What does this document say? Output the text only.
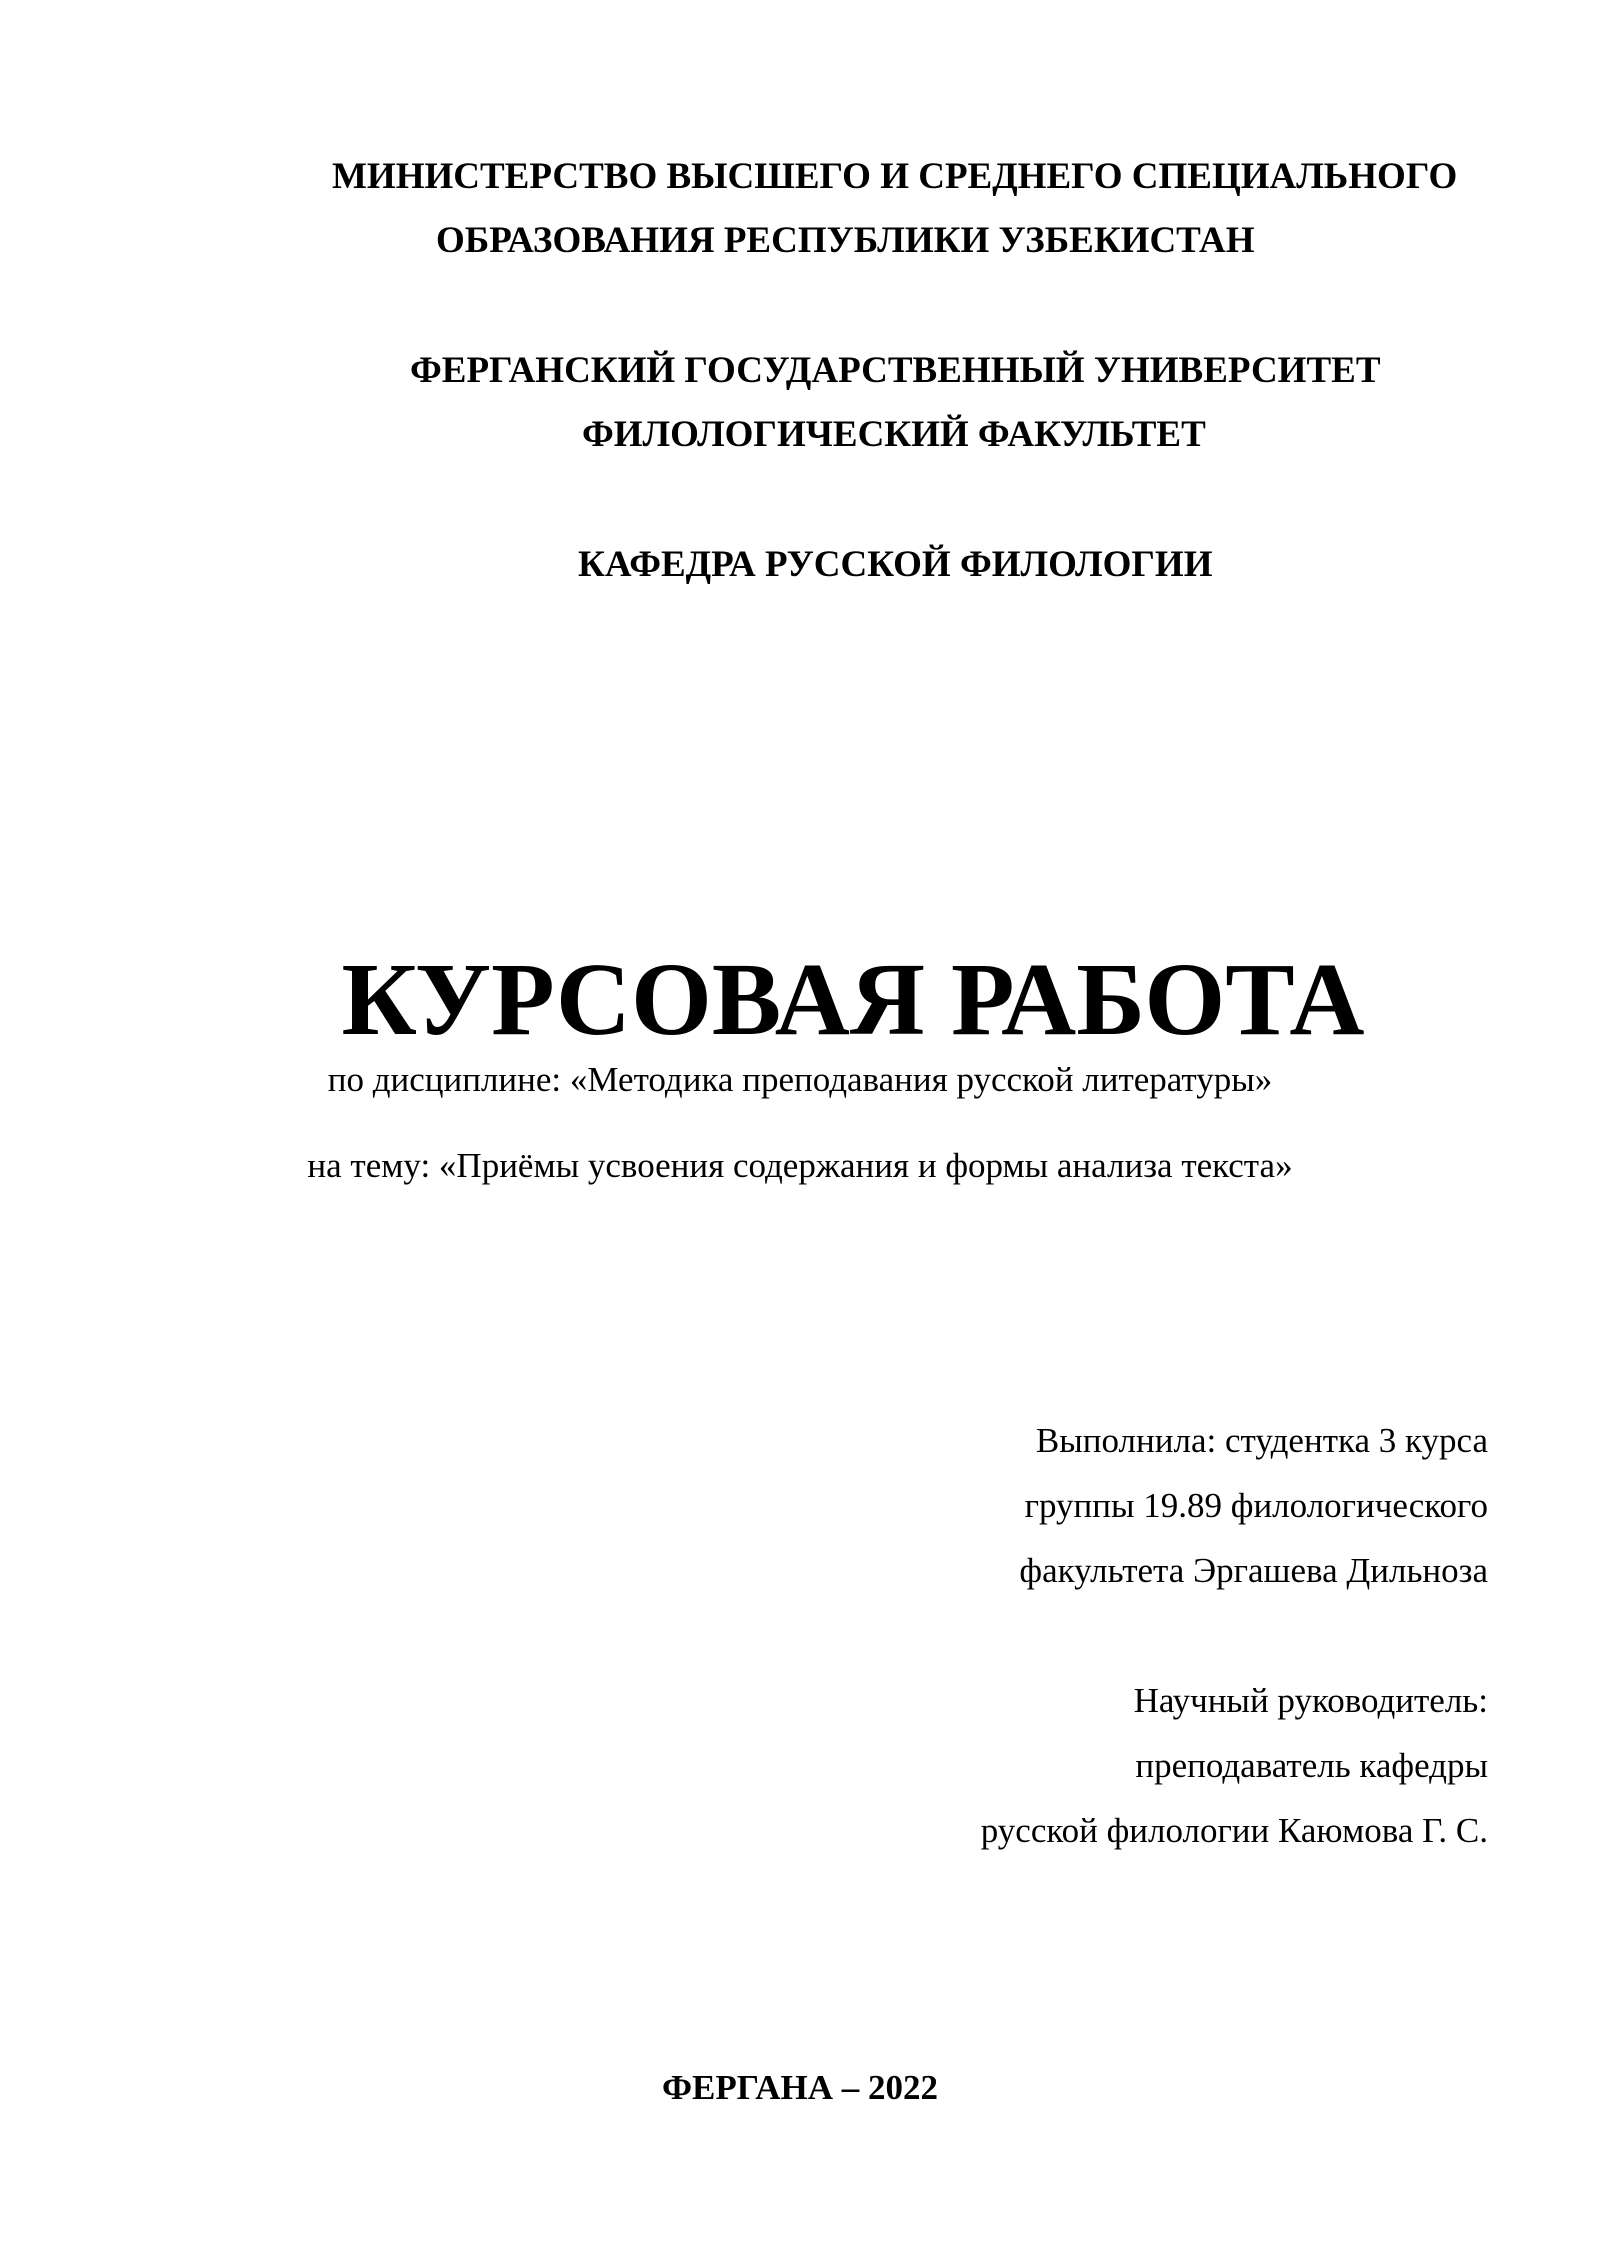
МИНИСТЕРСТВО ВЫСШЕГО И СРЕДНЕГО СПЕЦИАЛЬНОГО
ОБРАЗОВАНИЯ РЕСПУБЛИКИ УЗБЕКИСТАН
ФЕРГАНСКИЙ ГОСУДАРСТВЕННЫЙ УНИВЕРСИТЕТ
ФИЛОЛОГИЧЕСКИЙ ФАКУЛЬТЕТ
КАФЕДРА РУССКОЙ ФИЛОЛОГИИ
КУРСОВАЯ РАБОТА
по дисциплине: «Методика преподавания русской литературы»
на тему: «Приёмы усвоения содержания и формы анализа текста»
Выполнила: студентка 3 курса
группы 19.89 филологического
факультета Эргашева Дильноза
Научный руководитель:
преподаватель кафедры
русской филологии Каюмова Г. С.
ФЕРГАНА – 2022
